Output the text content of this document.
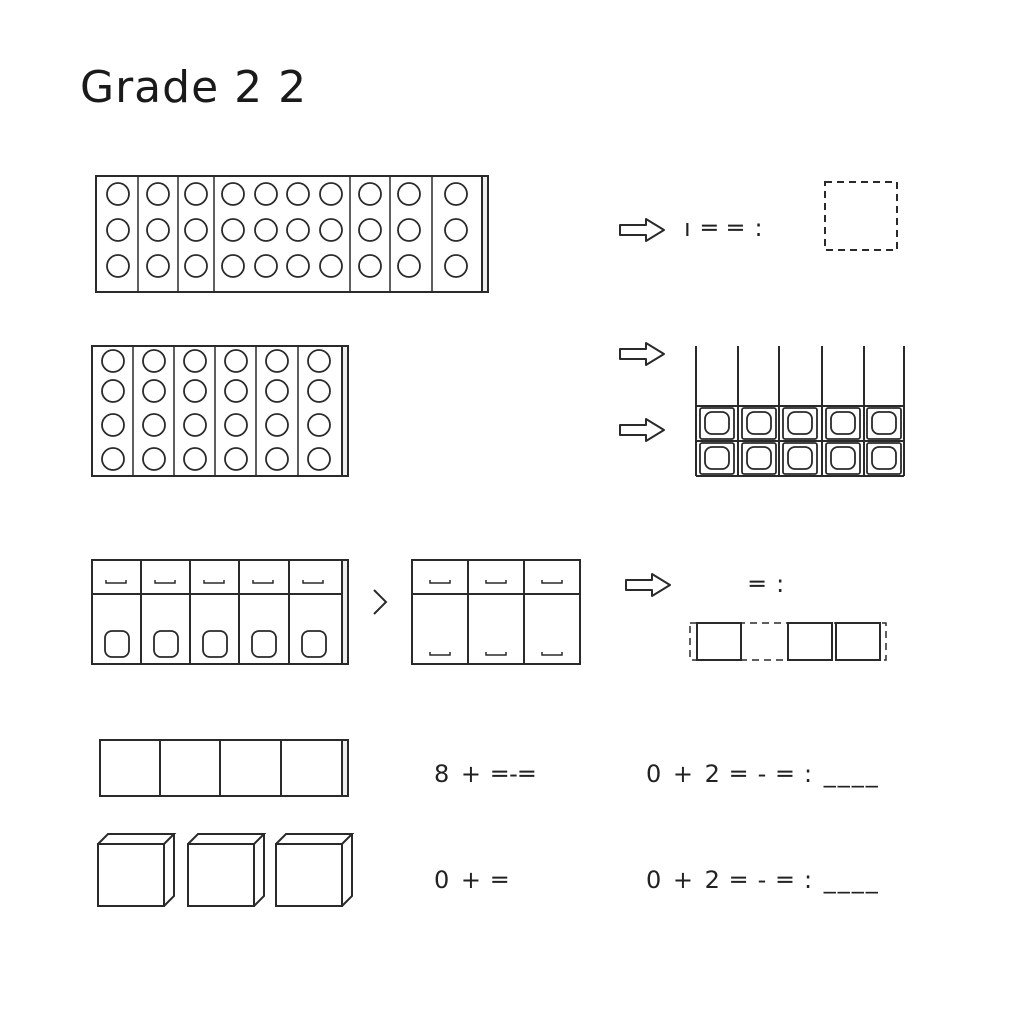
Grade 2 2
ı ═ ═ :
═ :
8 + ═-═	0 + 2 ═ - ═ : ____
0 + ═	0 + 2 ═ - ═ : ____
